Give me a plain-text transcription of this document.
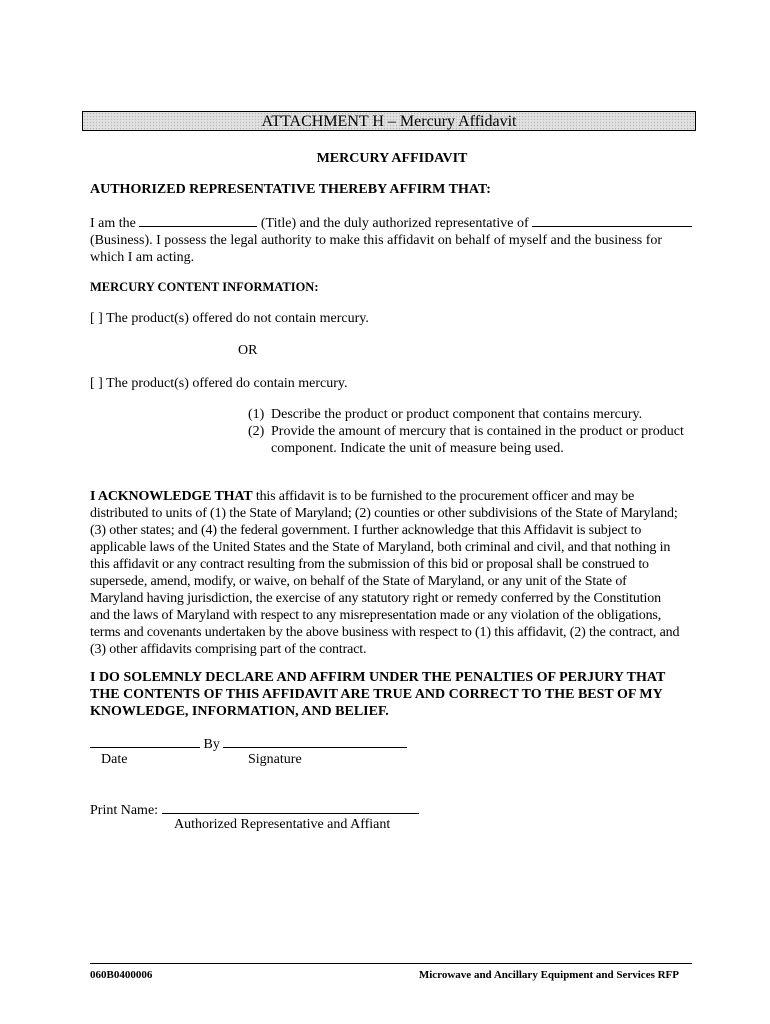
ATTACHMENT H – Mercury Affidavit

MERCURY AFFIDAVIT

AUTHORIZED REPRESENTATIVE THEREBY AFFIRM THAT:

I am the	(Title) and the duly authorized representative of
(Business). I possess the legal authority to make this affidavit on behalf of myself and the business for
which I am acting.

MERCURY CONTENT INFORMATION:

[ ] The product(s) offered do not contain mercury.

OR

[ ] The product(s) offered do contain mercury.

(1) Describe the product or product component that contains mercury.
(2) Provide the amount of mercury that is contained in the product or product
component. Indicate the unit of measure being used.
I ACKNOWLEDGE THAT this affidavit is to be furnished to the procurement officer and may be
distributed to units of (1) the State of Maryland; (2) counties or other subdivisions of the State of Maryland;
(3) other states; and (4) the federal government. I further acknowledge that this Affidavit is subject to
applicable laws of the United States and the State of Maryland, both criminal and civil, and that nothing in
this affidavit or any contract resulting from the submission of this bid or proposal shall be construed to
supersede, amend, modify, or waive, on behalf of the State of Maryland, or any unit of the State of
Maryland having jurisdiction, the exercise of any statutory right or remedy conferred by the Constitution
and the laws of Maryland with respect to any misrepresentation made or any violation of the obligations,
terms and covenants undertaken by the above business with respect to (1) this affidavit, (2) the contract, and
(3) other affidavits comprising part of the contract.
I DO SOLEMNLY DECLARE AND AFFIRM UNDER THE PENALTIES OF PERJURY THAT
THE CONTENTS OF THIS AFFIDAVIT ARE TRUE AND CORRECT TO THE BEST OF MY
KNOWLEDGE, INFORMATION, AND BELIEF.
By

Date	Signature

Print Name:

Authorized Representative and Affiant

060B0400006	Microwave and Ancillary Equipment and Services RFP
